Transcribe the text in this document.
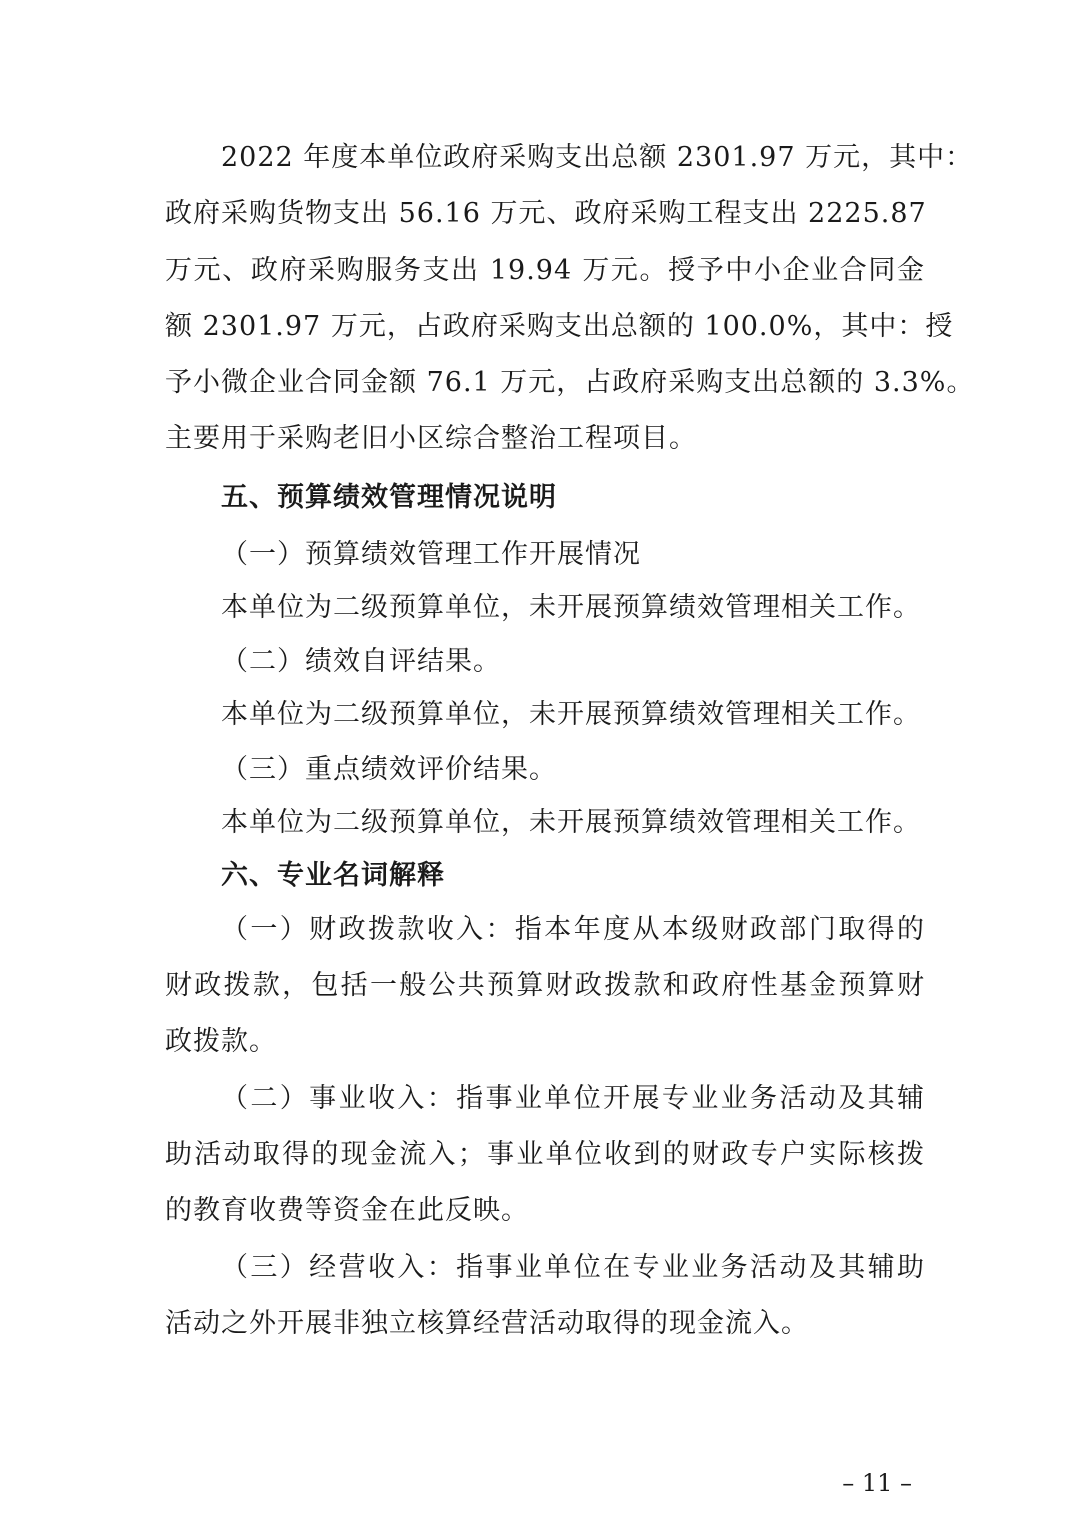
2022 年度本单位政府采购支出总额 2301.97 万元，其中：
政府采购货物支出 56.16 万元、政府采购工程支出 2225.87
万元、政府采购服务支出 19.94 万元。授予中小企业合同金
额 2301.97 万元，占政府采购支出总额的 100.0%，其中：授
予小微企业合同金额 76.1 万元，占政府采购支出总额的 3.3%。
主要用于采购老旧小区综合整治工程项目。
五、预算绩效管理情况说明
（一）预算绩效管理工作开展情况
本单位为二级预算单位，未开展预算绩效管理相关工作。
（二）绩效自评结果。
本单位为二级预算单位，未开展预算绩效管理相关工作。
（三）重点绩效评价结果。
本单位为二级预算单位，未开展预算绩效管理相关工作。
六、专业名词解释
（一）财政拨款收入：指本年度从本级财政部门取得的
财政拨款，包括一般公共预算财政拨款和政府性基金预算财
政拨款。
（二）事业收入：指事业单位开展专业业务活动及其辅
助活动取得的现金流入；事业单位收到的财政专户实际核拨
的教育收费等资金在此反映。
（三）经营收入：指事业单位在专业业务活动及其辅助
活动之外开展非独立核算经营活动取得的现金流入。
– 11 –
